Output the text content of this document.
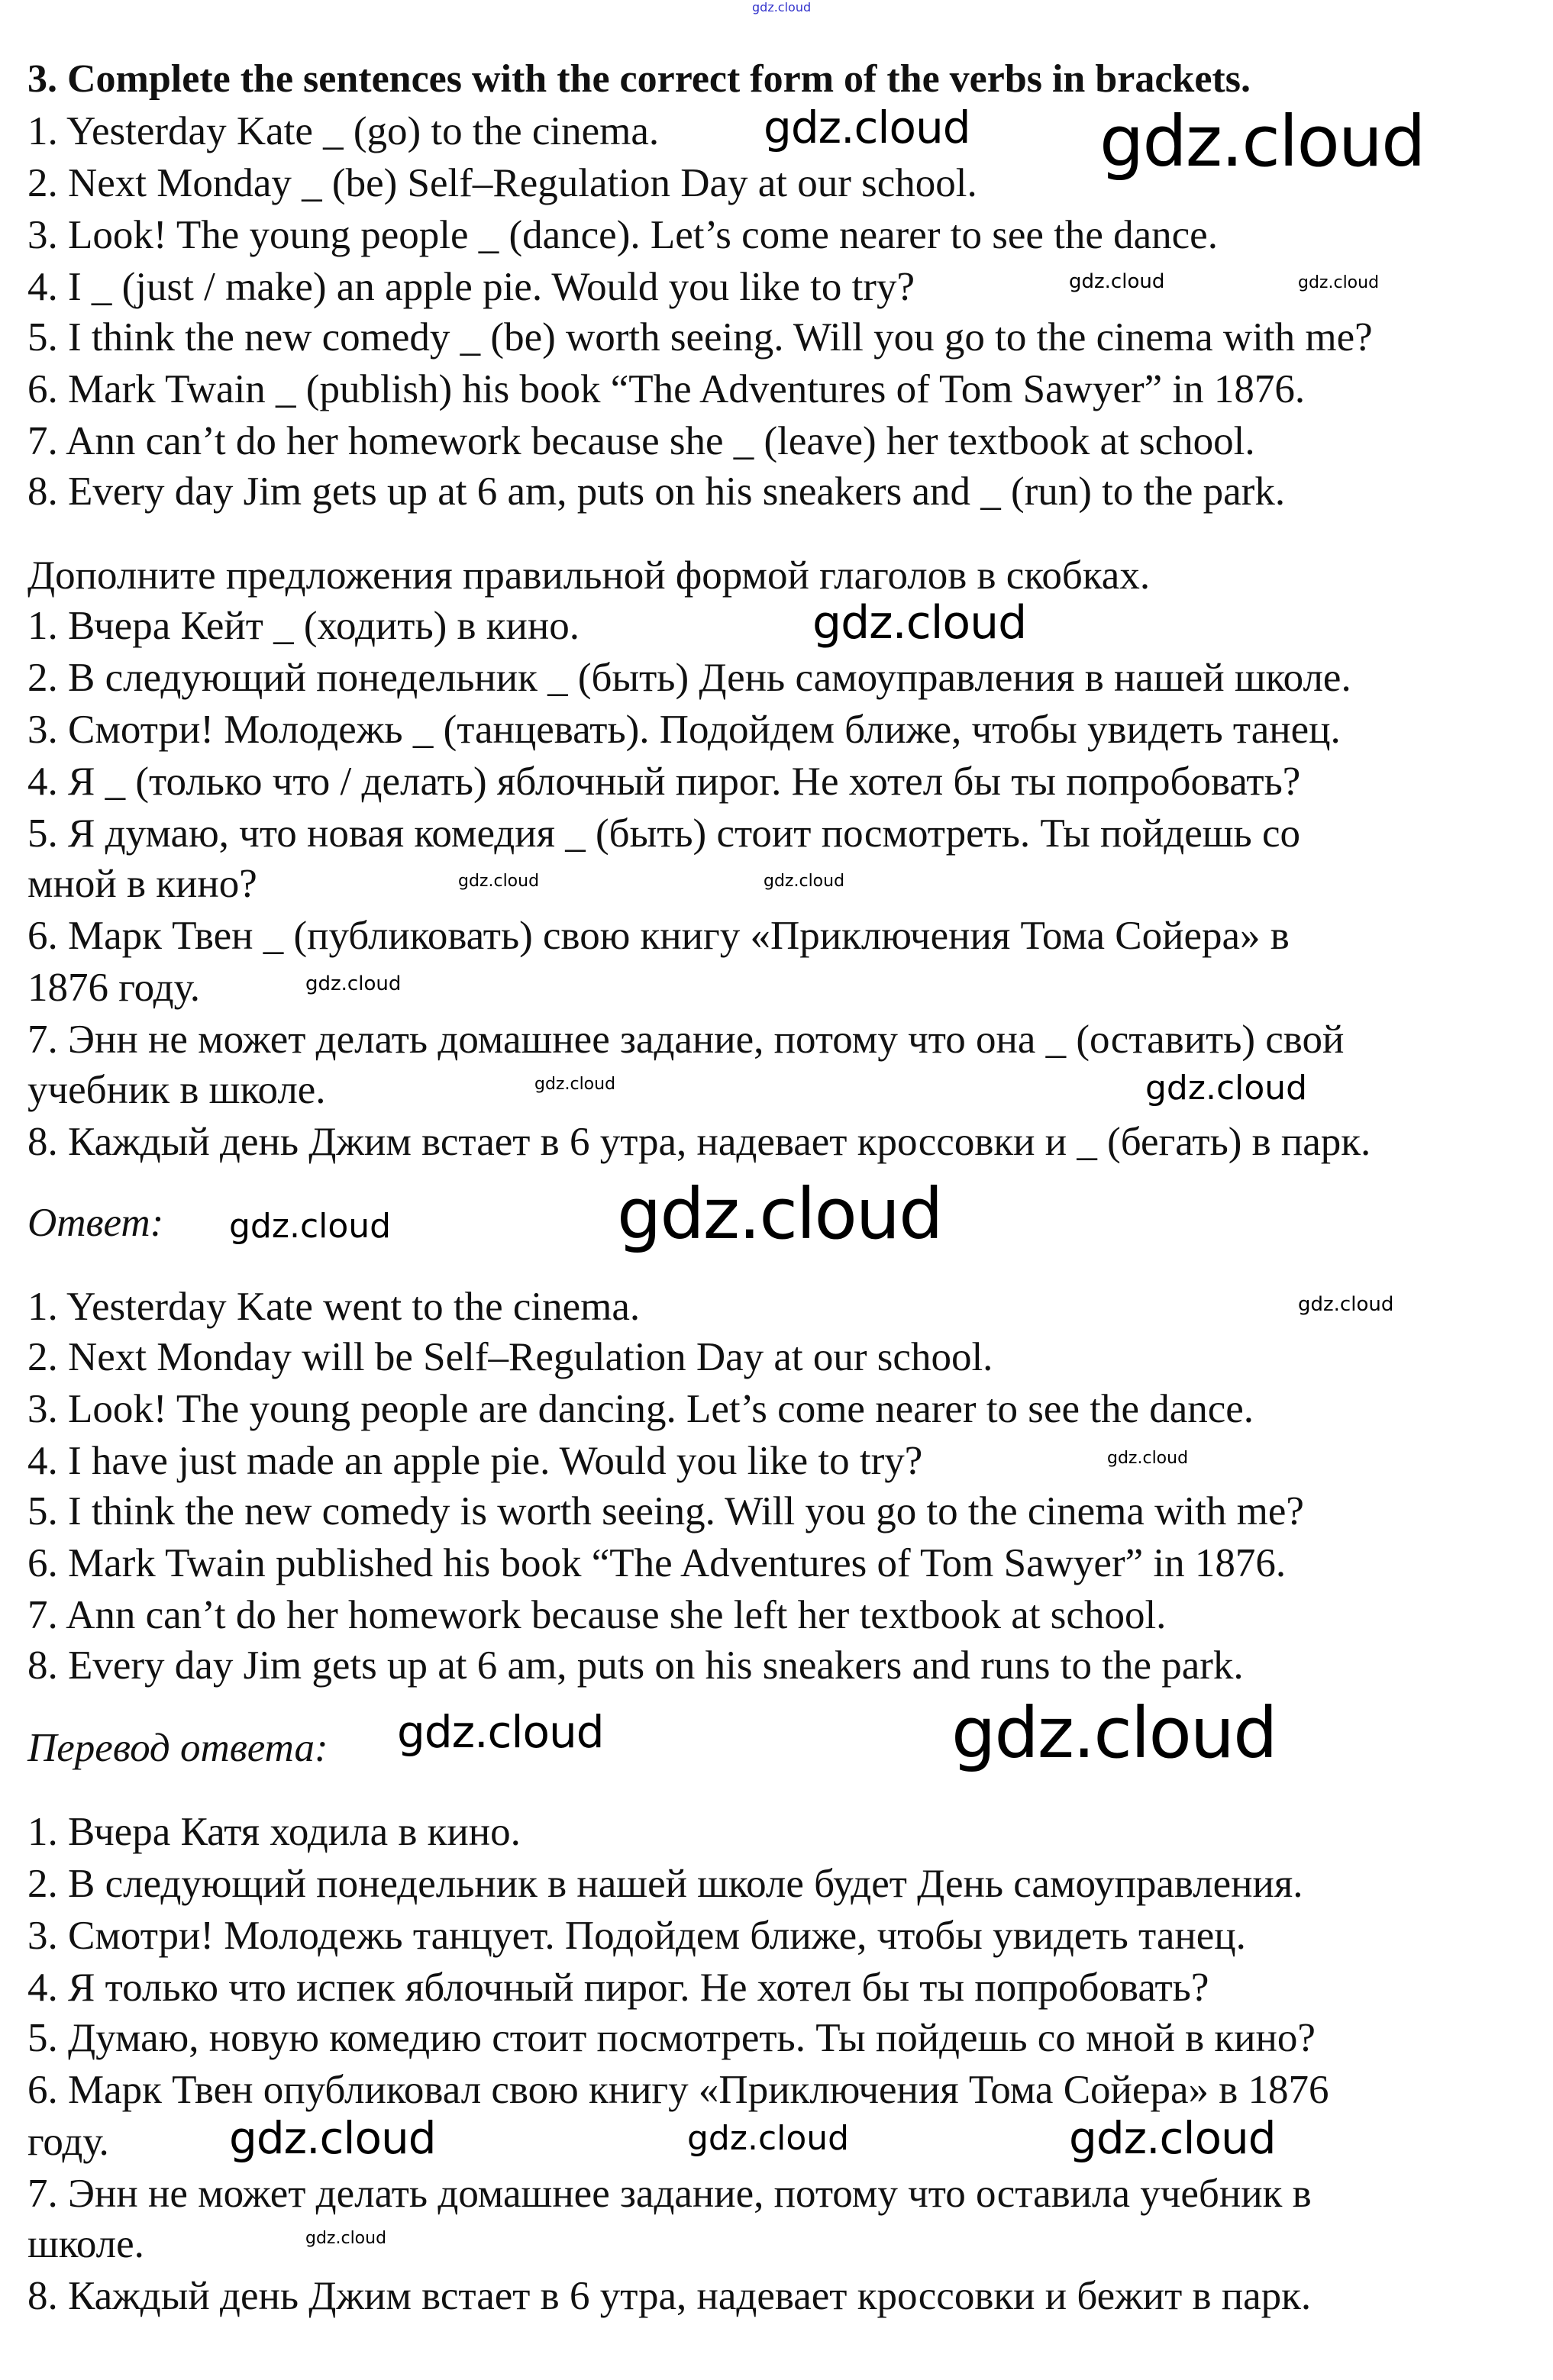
gdz.cloud
3. Complete the sentences with the correct form of the verbs in brackets.
1. Yesterday Kate _ (go) to the cinema.
2. Next Monday _ (be) Self–Regulation Day at our school.
3. Look! The young people _ (dance). Let’s come nearer to see the dance.
4. I _ (just / make) an apple pie. Would you like to try?
5. I think the new comedy _ (be) worth seeing. Will you go to the cinema with me?
6. Mark Twain _ (publish) his book “The Adventures of Tom Sawyer” in 1876.
7. Ann can’t do her homework because she _ (leave) her textbook at school.
8. Every day Jim gets up at 6 am, puts on his sneakers and _ (run) to the park.
Дополните предложения правильной формой глаголов в скобках.
1. Вчера Кейт _ (ходить) в кино.
2. В следующий понедельник _ (быть) День самоуправления в нашей школе.
3. Смотри! Молодежь _ (танцевать). Подойдем ближе, чтобы увидеть танец.
4. Я _ (только что / делать) яблочный пирог. Не хотел бы ты попробовать?
5. Я думаю, что новая комедия _ (быть) стоит посмотреть. Ты пойдешь со
мной в кино?
6. Марк Твен _ (публиковать) свою книгу «Приключения Тома Сойера» в
1876 году.
7. Энн не может делать домашнее задание, потому что она _ (оставить) свой
учебник в школе.
8. Каждый день Джим встает в 6 утра, надевает кроссовки и _ (бегать) в парк.
Ответ:
1. Yesterday Kate went to the cinema.
2. Next Monday will be Self–Regulation Day at our school.
3. Look! The young people are dancing. Let’s come nearer to see the dance.
4. I have just made an apple pie. Would you like to try?
5. I think the new comedy is worth seeing. Will you go to the cinema with me?
6. Mark Twain published his book “The Adventures of Tom Sawyer” in 1876.
7. Ann can’t do her homework because she left her textbook at school.
8. Every day Jim gets up at 6 am, puts on his sneakers and runs to the park.
Перевод ответа:
1. Вчера Катя ходила в кино.
2. В следующий понедельник в нашей школе будет День самоуправления.
3. Смотри! Молодежь танцует. Подойдем ближе, чтобы увидеть танец.
4. Я только что испек яблочный пирог. Не хотел бы ты попробовать?
5. Думаю, новую комедию стоит посмотреть. Ты пойдешь со мной в кино?
6. Марк Твен опубликовал свою книгу «Приключения Тома Сойера» в 1876
году.
7. Энн не может делать домашнее задание, потому что оставила учебник в
школе.
8. Каждый день Джим встает в 6 утра, надевает кроссовки и бежит в парк.
gdz.cloud
gdz.cloud
gdz.cloud
gdz.cloud
gdz.cloud
gdz.cloud
gdz.cloud
gdz.cloud	gdz.cloud
gdz.cloud
gdz.cloud
gdz.cloud
gdz.cloud
gdz.cloud	gdz.cloud
gdz.cloud	gdz.cloud
gdz.cloud
gdz.cloud
gdz.cloud
